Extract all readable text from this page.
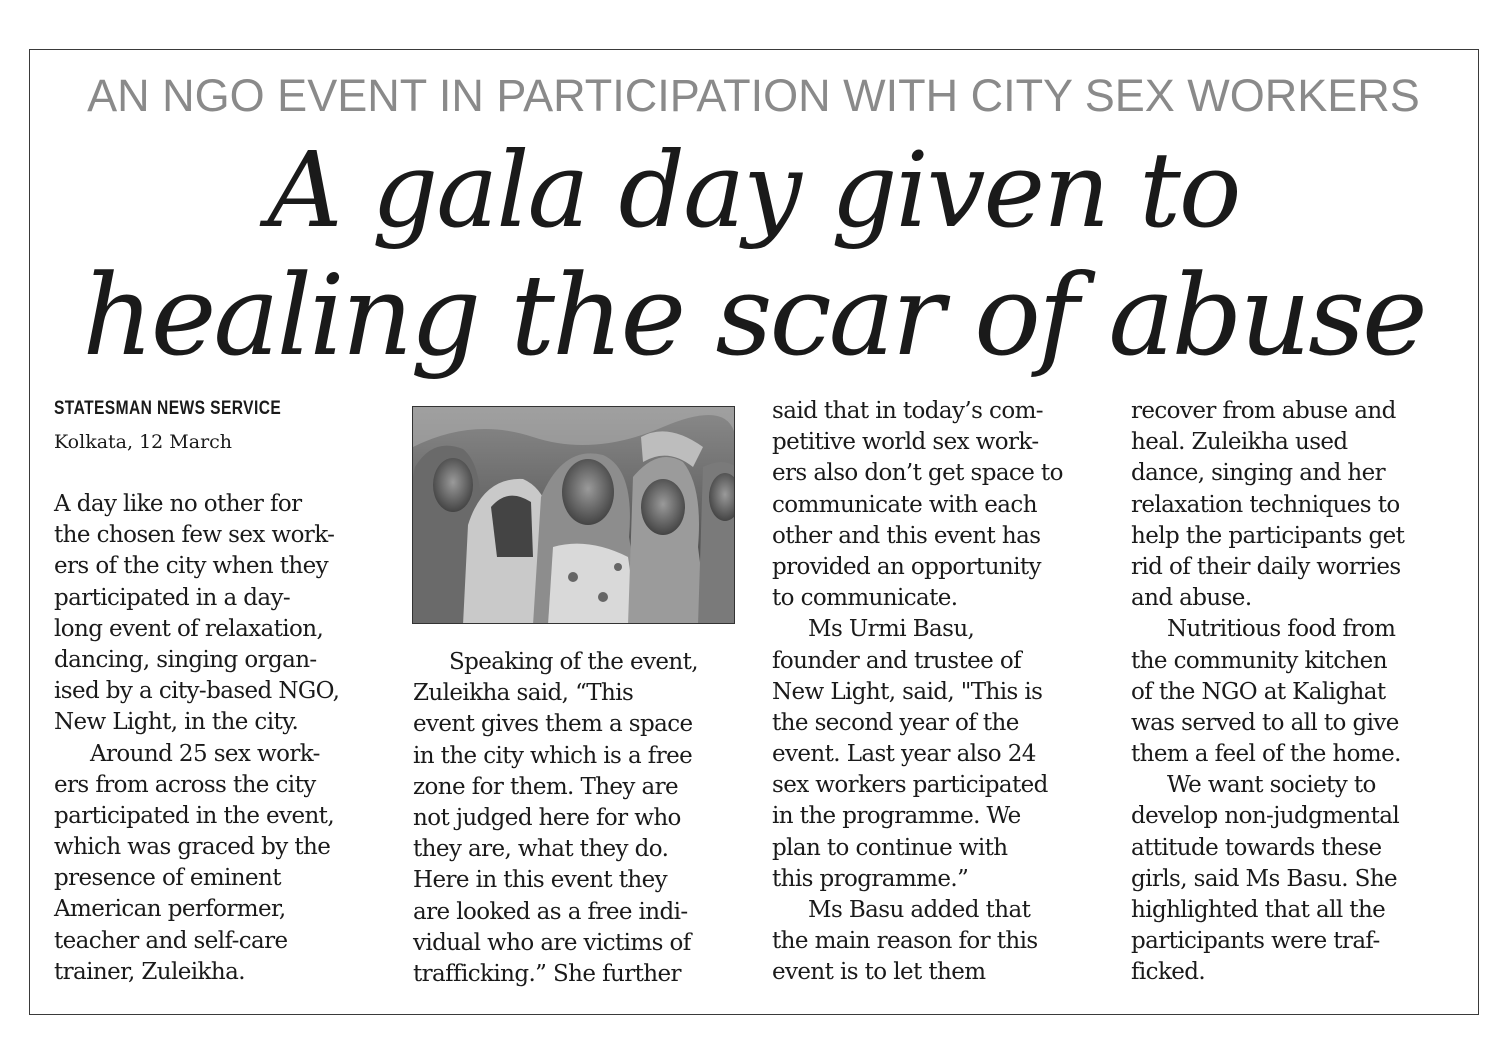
AN NGO EVENT IN PARTICIPATION WITH CITY SEX WORKERS
A gala day given to
healing the scar of abuse
STATESMAN NEWS SERVICE
Kolkata, 12 March
A day like no other for
the chosen few sex work-
ers of the city when they
participated in a day-
long event of relaxation,
dancing, singing organ-
ised by a city-based NGO,
New Light, in the city.
Around 25 sex work-
ers from across the city
participated in the event,
which was graced by the
presence of eminent
American performer,
teacher and self-care
trainer, Zuleikha.
Speaking of the event,
Zuleikha said, “This
event gives them a space
in the city which is a free
zone for them. They are
not judged here for who
they are, what they do.
Here in this event they
are looked as a free indi-
vidual who are victims of
trafficking.” She further
said that in today’s com-
petitive world sex work-
ers also don’t get space to
communicate with each
other and this event has
provided an opportunity
to communicate.
Ms Urmi Basu,
founder and trustee of
New Light, said, "This is
the second year of the
event. Last year also 24
sex workers participated
in the programme. We
plan to continue with
this programme.”
Ms Basu added that
the main reason for this
event is to let them
recover from abuse and
heal. Zuleikha used
dance, singing and her
relaxation techniques to
help the participants get
rid of their daily worries
and abuse.
Nutritious food from
the community kitchen
of the NGO at Kalighat
was served to all to give
them a feel of the home.
We want society to
develop non-judgmental
attitude towards these
girls, said Ms Basu. She
highlighted that all the
participants were traf-
ficked.
